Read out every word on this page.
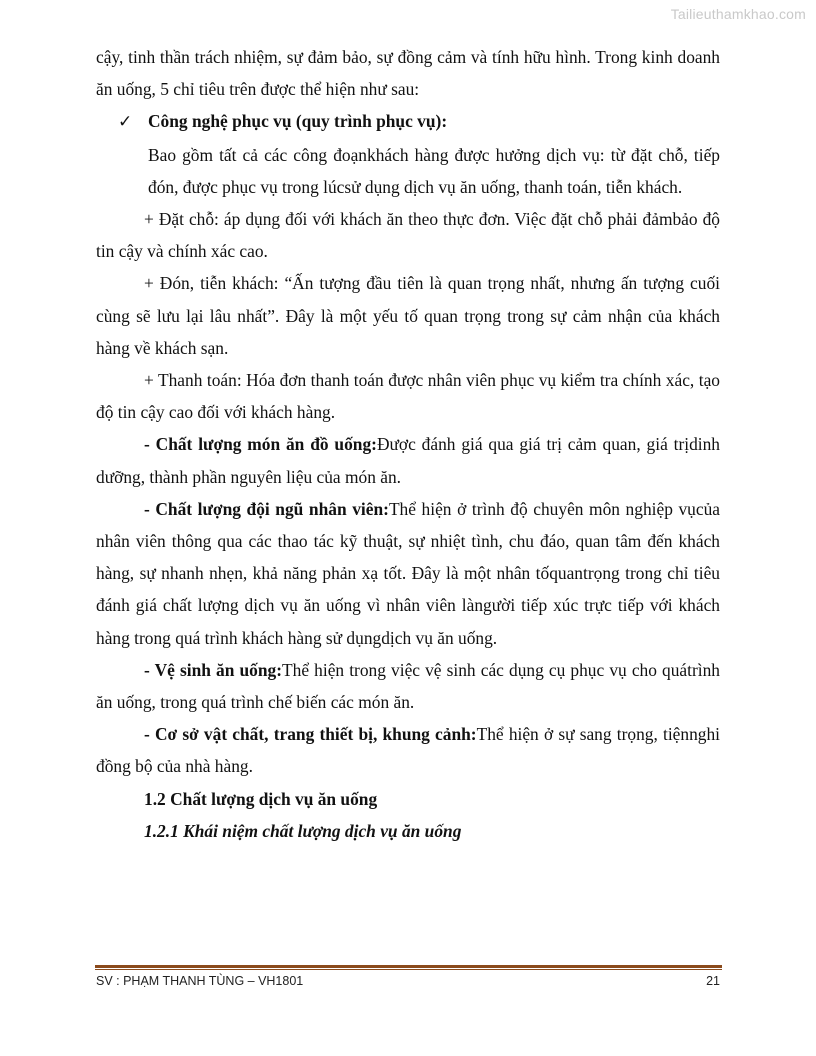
Tailieuthamkhao.com

cậy, tinh thần trách nhiệm, sự đảm bảo, sự đồng cảm và tính hữu hình. Trong kinh doanh ăn uống, 5 chỉ tiêu trên được thể hiện như sau:

✓ Công nghệ phục vụ (quy trình phục vụ):

Bao gồm tất cả các công đoạnkhách hàng được hưởng dịch vụ: từ đặt chỗ, tiếp đón, được phục vụ trong lúcsử dụng dịch vụ ăn uống, thanh toán, tiễn khách.

+ Đặt chỗ: áp dụng đối với khách ăn theo thực đơn. Việc đặt chỗ phải đảmbảo độ tin cậy và chính xác cao.

+ Đón, tiễn khách: “Ấn tượng đầu tiên là quan trọng nhất, nhưng ấn tượng cuối cùng sẽ lưu lại lâu nhất”. Đây là một yếu tố quan trọng trong sự cảm nhận của khách hàng về khách sạn.

+ Thanh toán: Hóa đơn thanh toán được nhân viên phục vụ kiểm tra chính xác, tạo độ tin cậy cao đối với khách hàng.

- Chất lượng món ăn đồ uống:Được đánh giá qua giá trị cảm quan, giá trịdinh dưỡng, thành phần nguyên liệu của món ăn.

- Chất lượng đội ngũ nhân viên:Thể hiện ở trình độ chuyên môn nghiệp vụcủa nhân viên thông qua các thao tác kỹ thuật, sự nhiệt tình, chu đáo, quan tâm đến khách hàng, sự nhanh nhẹn, khả năng phản xạ tốt. Đây là một nhân tốquantrọng trong chỉ tiêu đánh giá chất lượng dịch vụ ăn uống vì nhân viên làngười tiếp xúc trực tiếp với khách hàng trong quá trình khách hàng sử dụngdịch vụ ăn uống.

- Vệ sinh ăn uống:Thể hiện trong việc vệ sinh các dụng cụ phục vụ cho quátrình ăn uống, trong quá trình chế biến các món ăn.

- Cơ sở vật chất, trang thiết bị, khung cảnh:Thể hiện ở sự sang trọng, tiệnnghi đồng bộ của nhà hàng.

1.2 Chất lượng dịch vụ ăn uống

1.2.1 Khái niệm chất lượng dịch vụ ăn uống

SV : PHẠM THANH TÙNG – VH1801	21
